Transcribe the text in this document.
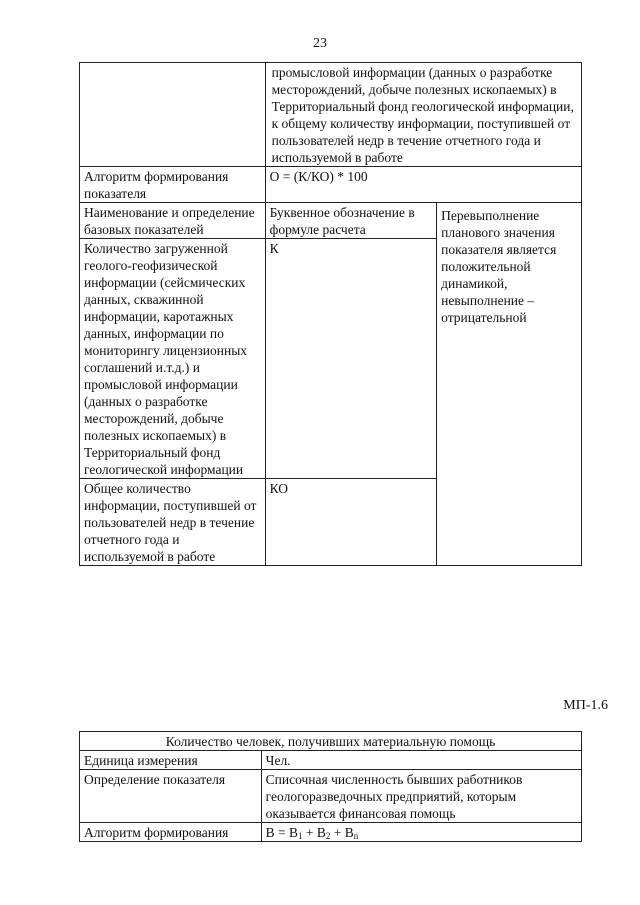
23
	промысловой информации (данных о разработке месторождений, добыче полезных ископаемых) в Территориальный фонд геологической информации, к общему количеству информации, поступившей от пользователей недр в течение отчетного года и используемой в работе	
Алгоритм формирования показателя	О = (К/КО) * 100	
Наименование и определение базовых показателей	Буквенное обозначение в формуле расчета	Перевыполнение планового значения показателя является положительной динамикой, невыполнение – отрицательной
Количество загруженной геолого-геофизической информации (сейсмических данных, скважинной информации, каротажных данных, информации по мониторингу лицензионных соглашений и.т.д.) и промысловой информации (данных о разработке месторождений, добыче полезных ископаемых) в Территориальный фонд геологической информации	К	
Общее количество информации, поступившей от пользователей недр в течение отчетного года и используемой в работе	КО	
МП-1.6
Количество человек, получивших материальную помощь	
Единица измерения	Чел.
Определение показателя	Списочная численность бывших работников геологоразведочных предприятий, которым оказывается финансовая помощь
Алгоритм формирования	$В = В_1 + В_2 + В_n$
